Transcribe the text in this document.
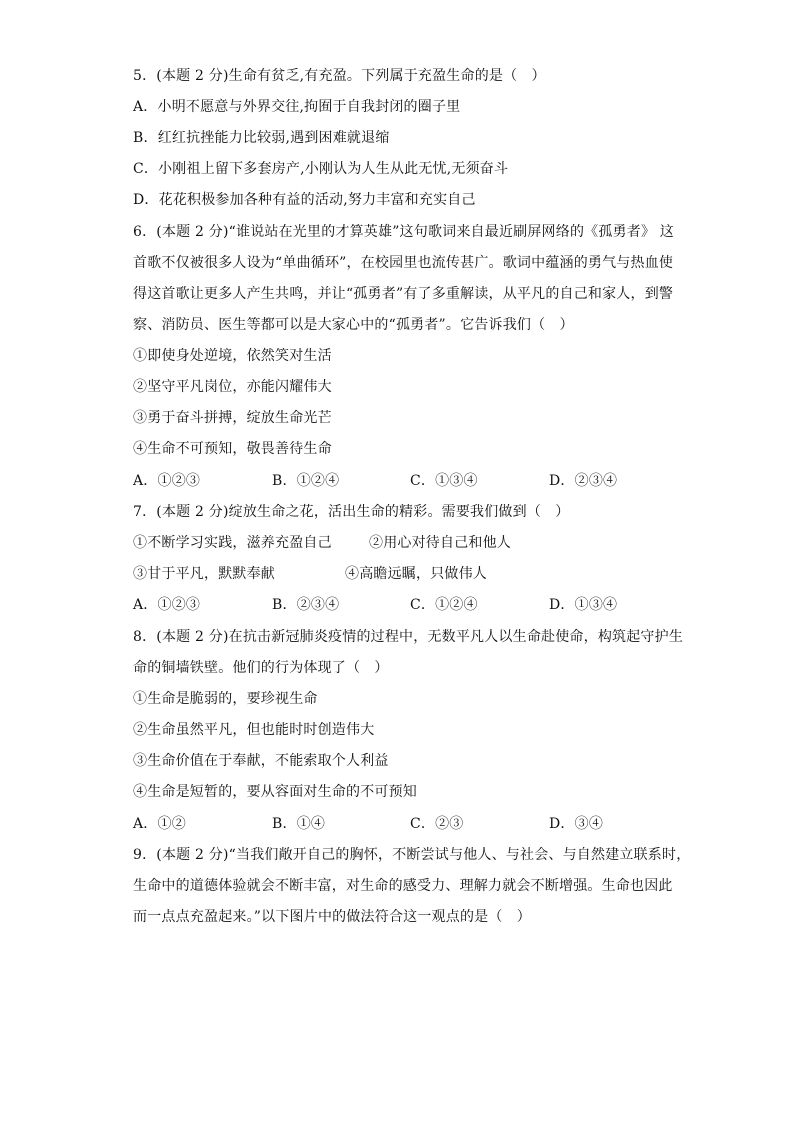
5．(本题 2 分)生命有贫乏,有充盈。下列属于充盈生命的是（　）
A．小明不愿意与外界交往,拘囿于自我封闭的圈子里
B．红红抗挫能力比较弱,遇到困难就退缩
C．小刚祖上留下多套房产,小刚认为人生从此无忧,无须奋斗
D．花花积极参加各种有益的活动,努力丰富和充实自己
6．(本题 2 分)“谁说站在光里的才算英雄”这句歌词来自最近刷屏网络的《孤勇者》 这
首歌不仅被很多人设为“单曲循环”，在校园里也流传甚广。歌词中蕴涵的勇气与热血使
得这首歌让更多人产生共鸣，并让“孤勇者”有了多重解读，从平凡的自己和家人，到警
察、消防员、医生等都可以是大家心中的“孤勇者”。它告诉我们（　）
①即使身处逆境，依然笑对生活
②坚守平凡岗位，亦能闪耀伟大
③勇于奋斗拼搏，绽放生命光芒
④生命不可预知，敬畏善待生命
A．①②③	B．①②④	C．①③④	D．②③④
7．(本题 2 分)绽放生命之花，活出生命的精彩。需要我们做到（　）
①不断学习实践，滋养充盈自己	②用心对待自己和他人
③甘于平凡，默默奉献	④高瞻远瞩，只做伟人
A．①②③	B．②③④	C．①②④	D．①③④
8．(本题 2 分)在抗击新冠肺炎疫情的过程中，无数平凡人以生命赴使命，构筑起守护生
命的铜墙铁壁。他们的行为体现了（　）
①生命是脆弱的，要珍视生命
②生命虽然平凡，但也能时时创造伟大
③生命价值在于奉献，不能索取个人利益
④生命是短暂的，要从容面对生命的不可预知
A．①②	B．①④	C．②③	D．③④
9．(本题 2 分)“当我们敞开自己的胸怀，不断尝试与他人、与社会、与自然建立联系时，
生命中的道德体验就会不断丰富，对生命的感受力、理解力就会不断增强。生命也因此
而一点点充盈起来。”以下图片中的做法符合这一观点的是（　）
